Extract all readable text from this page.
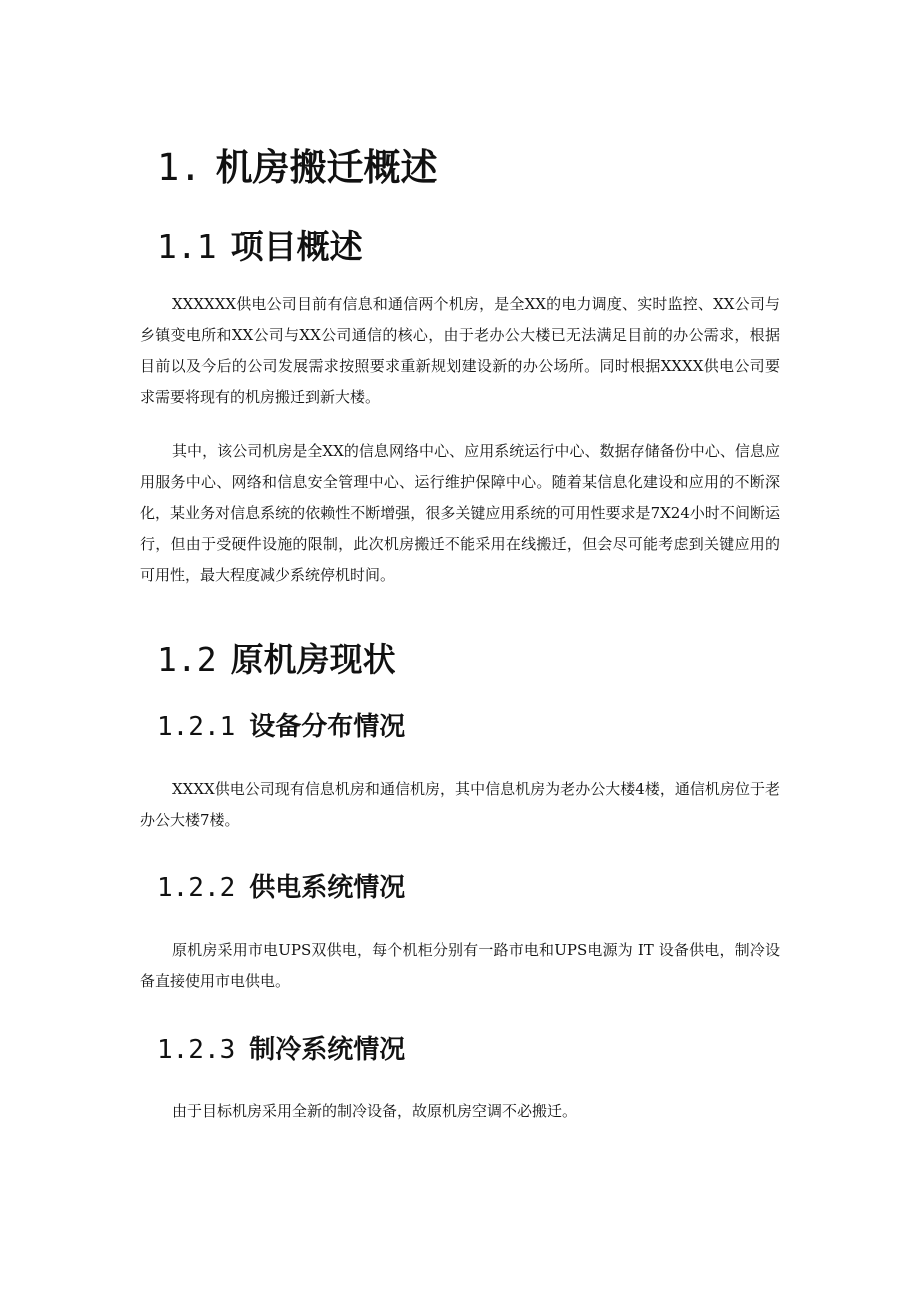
1. 机房搬迁概述
1.1 项目概述

XXXXXX供电公司目前有信息和通信两个机房，是全XX的电力调度、实时监控、XX公司与乡镇变电所和XX公司与XX公司通信的核心，由于老办公大楼已无法满足目前的办公需求，根据目前以及今后的公司发展需求按照要求重新规划建设新的办公场所。同时根据XXXX供电公司要求需要将现有的机房搬迁到新大楼。

其中，该公司机房是全XX的信息网络中心、应用系统运行中心、数据存储备份中心、信息应用服务中心、网络和信息安全管理中心、运行维护保障中心。随着某信息化建设和应用的不断深化，某业务对信息系统的依赖性不断增强，很多关键应用系统的可用性要求是7X24小时不间断运行，但由于受硬件设施的限制，此次机房搬迁不能采用在线搬迁，但会尽可能考虑到关键应用的可用性，最大程度减少系统停机时间。

1.2 原机房现状
1.2.1 设备分布情况

XXXX供电公司现有信息机房和通信机房，其中信息机房为老办公大楼4楼，通信机房位于老办公大楼7楼。

1.2.2 供电系统情况

原机房采用市电UPS双供电，每个机柜分别有一路市电和UPS电源为 IT 设备供电，制冷设备直接使用市电供电。

1.2.3 制冷系统情况

由于目标机房采用全新的制冷设备，故原机房空调不必搬迁。
